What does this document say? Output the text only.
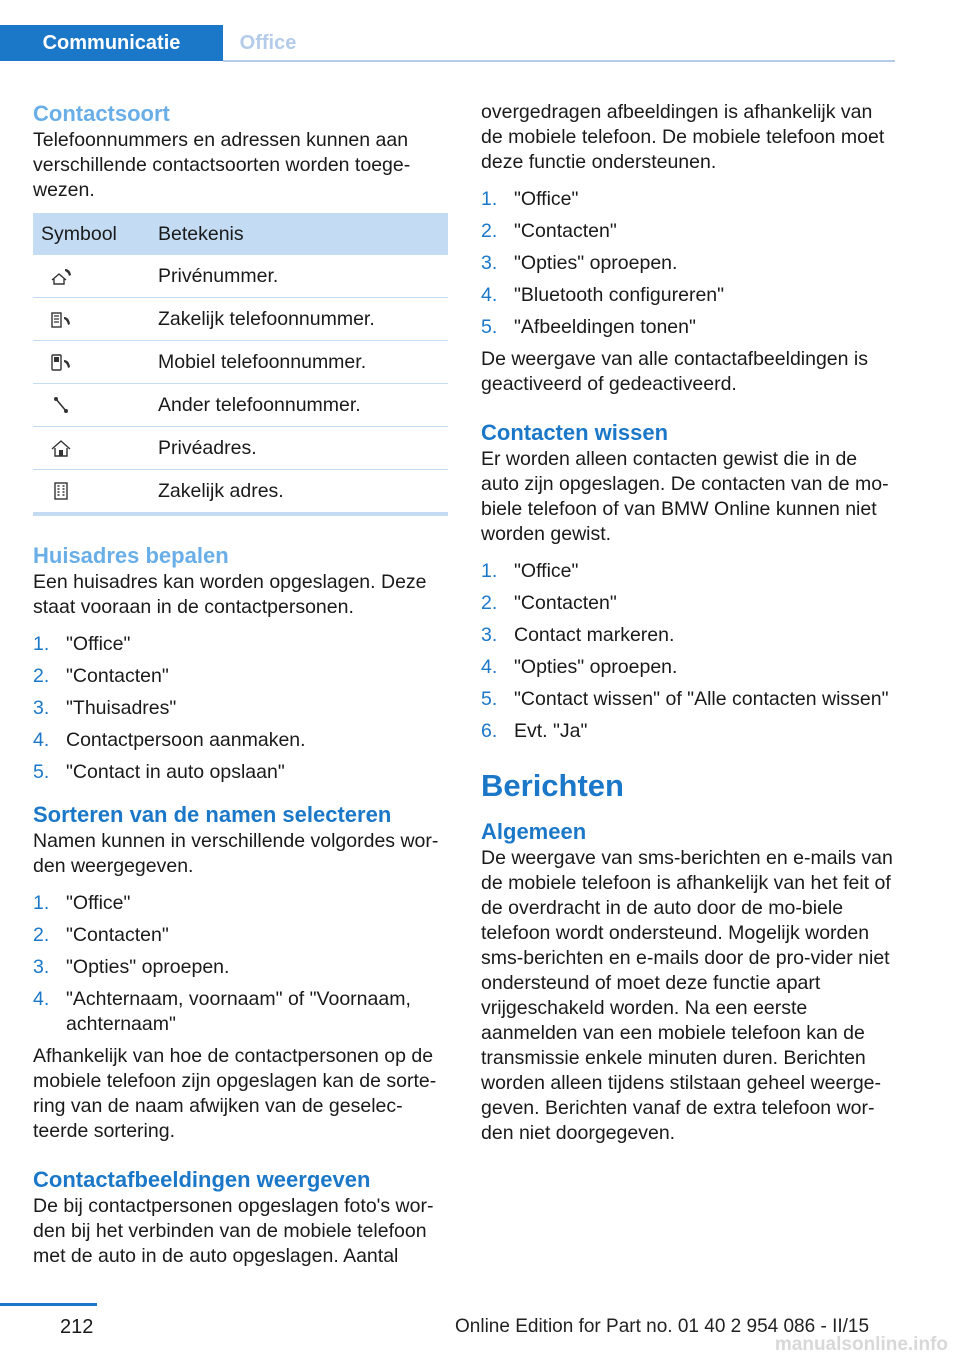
Communicatie	Office
Contactsoort

Telefoonnummers en adressen kunnen aan verschillende contactsoorten worden toege-wezen.

Symbool	Betekenis
	Privénummer.
	Zakelijk telefoonnummer.
	Mobiel telefoonnummer.
	Ander telefoonnummer.
	Privéadres.
	Zakelijk adres.
Huisadres bepalen

Een huisadres kan worden opgeslagen. Deze staat vooraan in de contactpersonen.

1. "Office"
2. "Contacten"
3. "Thuisadres"
4. Contactpersoon aanmaken.
5. "Contact in auto opslaan"
Sorteren van de namen selecteren

Namen kunnen in verschillende volgordes wor-den weergegeven.

1. "Office"
2. "Contacten"
3. "Opties" oproepen.
4. "Achternaam, voornaam" of "Voornaam, achternaam"

Afhankelijk van hoe de contactpersonen op de mobiele telefoon zijn opgeslagen kan de sorte-ring van de naam afwijken van de geselec-teerde sortering.

Contactafbeeldingen weergeven

De bij contactpersonen opgeslagen foto's wor-den bij het verbinden van de mobiele telefoon met de auto in de auto opgeslagen. Aantal

overgedragen afbeeldingen is afhankelijk van de mobiele telefoon. De mobiele telefoon moet deze functie ondersteunen.

1. "Office"
2. "Contacten"
3. "Opties" oproepen.
4. "Bluetooth configureren"
5. "Afbeeldingen tonen"

De weergave van alle contactafbeeldingen is geactiveerd of gedeactiveerd.

Contacten wissen

Er worden alleen contacten gewist die in de auto zijn opgeslagen. De contacten van de mo-biele telefoon of van BMW Online kunnen niet worden gewist.

1. "Office"
2. "Contacten"
3. Contact markeren.
4. "Opties" oproepen.
5. "Contact wissen" of "Alle contacten wissen"
6. Evt. "Ja"
Berichten
Algemeen

De weergave van sms-berichten en e-mails van de mobiele telefoon is afhankelijk van het feit of de overdracht in de auto door de mo-biele telefoon wordt ondersteund. Mogelijk worden sms-berichten en e-mails door de pro-vider niet ondersteund of moet deze functie apart vrijgeschakeld worden. Na een eerste aanmelden van een mobiele telefoon kan de transmissie enkele minuten duren. Berichten worden alleen tijdens stilstaan geheel weerge-geven. Berichten vanaf de extra telefoon wor-den niet doorgegeven.

212	Online Edition for Part no. 01 40 2 954 086 - II/15
manualsonline.info
